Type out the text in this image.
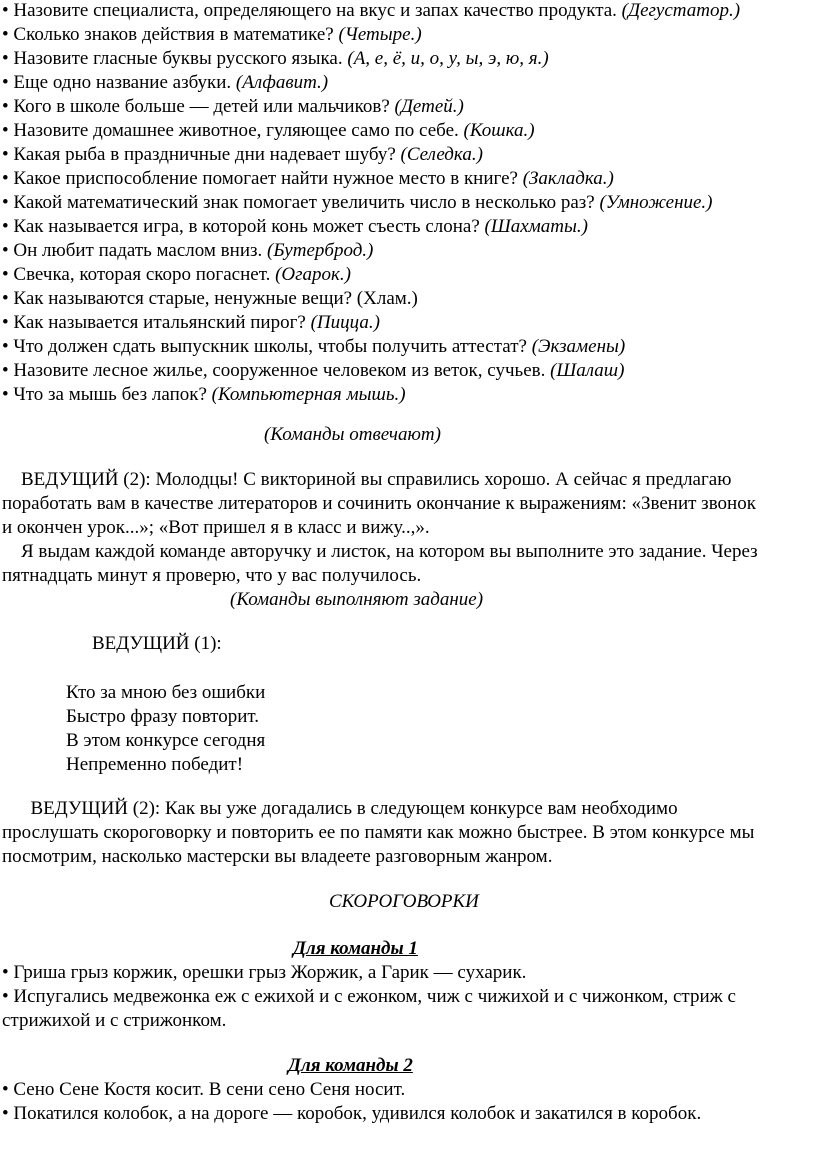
• Назовите специалиста, определяющего на вкус и запах качество продукта. (Дегустатор.)
• Сколько знаков действия в математике? (Четыре.)
• Назовите гласные буквы русского языка. (А, е, ё, и, о, у, ы, э, ю, я.)
• Еще одно название азбуки. (Алфавит.)
• Кого в школе больше — детей или мальчиков? (Детей.)
• Назовите домашнее животное, гуляющее само по себе. (Кошка.)
• Какая рыба в праздничные дни надевает шубу? (Селедка.)
• Какое приспособление помогает найти нужное место в книге? (Закладка.)
• Какой математический знак помогает увеличить число в несколько раз? (Умножение.)
• Как называется игра, в которой конь может съесть слона? (Шахматы.)
• Он любит падать маслом вниз. (Бутерброд.)
• Свечка, которая скоро погаснет. (Огарок.)
• Как называются старые, ненужные вещи? (Хлам.)
• Как называется итальянский пирог? (Пицца.)
• Что должен сдать выпускник школы, чтобы получить аттестат? (Экзамены)
• Назовите лесное жилье, сооруженное человеком из веток, сучьев. (Шалаш)
• Что за мышь без лапок? (Компьютерная мышь.)
(Команды отвечают)
ВЕДУЩИЙ (2): Молодцы! С викториной вы справились хорошо. А сейчас я предлагаю
поработать вам в качестве литераторов и сочинить окончание к выражениям: «Звенит звонок
и окончен урок...»; «Вот пришел я в класс и вижу..,».
Я выдам каждой команде авторучку и листок, на котором вы выполните это задание. Через
пятнадцать минут я проверю, что у вас получилось.
(Команды выполняют задание)
ВЕДУЩИЙ (1):
Кто за мною без ошибки
Быстро фразу повторит.
В этом конкурсе сегодня
Непременно победит!
ВЕДУЩИЙ (2): Как вы уже догадались в следующем конкурсе вам необходимо
прослушать скороговорку и повторить ее по памяти как можно быстрее. В этом конкурсе мы
посмотрим, насколько мастерски вы владеете разговорным жанром.
СКОРОГОВОРКИ
Для команды 1
• Гриша грыз коржик, орешки грыз Жоржик, а Гарик — сухарик.
• Испугались медвежонка еж с ежихой и с ежонком, чиж с чижихой и с чижонком, стриж с
стрижихой и с стрижонком.
Для команды 2
• Сено Сене Костя косит. В сени сено Сеня носит.
• Покатился колобок, а на дороге — коробок, удивился колобок и закатился в коробок.
